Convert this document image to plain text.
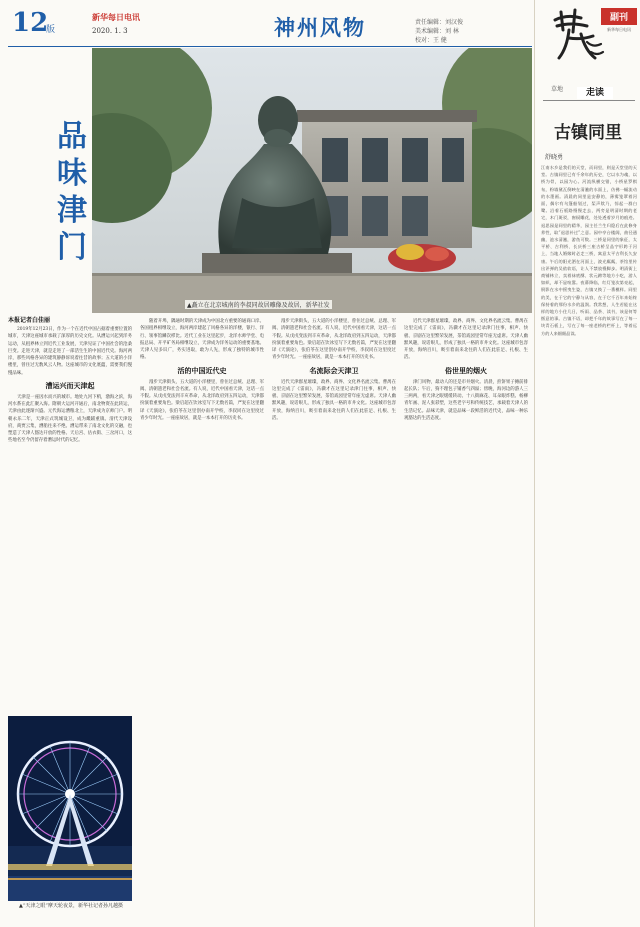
12
版
新华每日电讯
2020. 1. 3	神州风物	责任编辑：刘汉俊
美术编辑：刘 林
校对：王 健
品味津门
▲矗立在北京城南的李叔同故居雕像及故居，新华社发
本报记者白佳丽

2019年12月23日，作为一个在近代中国占据着重要位置的城市，天津这座城市承载了深厚的历史文化。从漕运兴起到洋务运动，从租界林立到近代工业发展，天津见证了中国社会的沧桑巨变。走进天津，就是走进了一部活生生的中国近代史。海河两岸，那些风格各异的建筑静静诉说着往昔的故事；五大道的小洋楼里，曾住过无数风云人物。这座城市的文化底蕴，需要我们慢慢品味。

漕运兴而天津起

天津是一座因水而兴的城市。地处九河下梢，渤海之滨，海河水系在此汇聚入海。隋朝大运河开通后，南北物资在此转运，天津由此逐渐兴盛。元代海运漕粮北上，天津成为京师门户。明朝永乐二年，天津正式筑城设卫，成为畿辅重镇。清代天津设府，商贾云集，漕船往来不绝。漕运带来了南北文化的交融，也塑造了天津人豁达开放的性格。天后宫、估衣街、三岔河口，这些地名至今仍留存着漕运时代的记忆。

随着开埠，隅通时期的天津成为中国北方重要的通商口岸。各国租界相继设立，海河两岸建起了风格各异的洋楼，银行、洋行、领事馆鳞次栉比。近代工业在这里起步，北洋水师学堂、电报总局、开平矿务局相继设立，天津成为洋务运动的重要基地。天津人见多识广，务实进取，敢为人先，形成了独特的城市性格。

活的中国近代史

漫步天津街头，五大道的小洋楼里，曾住过总统、总理、军阀、清朝遗老和社会名流。有人说，近代中国看天津，这话一点不假。从戊戌变法到辛亥革命，从北洋政府到五四运动，天津都扮演着重要角色。梁启超在饮冰室写下无数名篇，严复在这里翻译《天演论》，张伯苓在这里创办南开学校，李叔同在这里度过青少年时光。一座座故居，就是一本本打开的历史书。

漫步天津街头，五大道的小洋楼里，曾住过总统、总理、军阀、清朝遗老和社会名流。有人说，近代中国看天津，这话一点不假。从戊戌变法到辛亥革命，从北洋政府到五四运动，天津都扮演着重要角色。梁启超在饮冰室写下无数名篇，严复在这里翻译《天演论》，张伯苓在这里创办南开学校，李叔同在这里度过青少年时光。一座座故居，就是一本本打开的历史书。

名流际会天津卫

近代天津群星璀璨，政界、商界、文化界名流云集。曹禺在这里完成了《雷雨》，冯骥才在这里记录津门往事，相声、快板、京剧在这里繁荣发展，茶馆戏园里常年座无虚席。天津人幽默风趣，说话哏儿，形成了独具一格的市井文化。这座城市包容开放，海纳百川，吸引着南来北往的人们在此驻足、扎根、生活。

近代天津群星璀璨，政界、商界、文化界名流云集。曹禺在这里完成了《雷雨》，冯骥才在这里记录津门往事，相声、快板、京剧在这里繁荣发展，茶馆戏园里常年座无虚席。天津人幽默风趣，说话哏儿，形成了独具一格的市井文化。这座城市包容开放，海纳百川，吸引着南来北往的人们在此驻足、扎根、生活。

俗世里的烟火

津门风物，最动人的还是市井烟火。清晨，煎饼果子摊前排起长队；午后，狗不理包子铺香气四溢；傍晚，海河边的游人三三两两，看天津之眼缓缓转动。十八街麻花、耳朵眼炸糕、杨柳青年画、泥人张彩塑，这些老字号和传统技艺，承载着天津人的生活记忆。品味天津，就是品味一段鲜活的近代史，品味一种乐观豁达的生活态度。

▲“天津之眼”摩天轮夜景，新华社记者孙凡越摄
副刊
新华每日电讯
草地	走读
古镇同里
舒晓勇
江南水乡是我们的天堂，而同里，则是天堂里的天堂。古镇同里已有千余年的历史，它以水为魂，以桥为骨，以园为心。河流纵横交错，小桥星罗棋布，粉墙黛瓦倒映在清澈的水面上，仿佛一幅流动的水墨画。清晨的同里是安静的，薄雾笼罩着河面，偶尔有乌篷船划过，桨声欸乃，惊起一群白鹭。沿着石板路慢慢走去，两旁是明清时期的老宅，木门斑驳，窗棂雕花，处处透着岁月的痕迹。退思园是同里的精华，园主任兰生归隐后在此修身养性，取“退思补过”之意。园中亭台楼阁，曲径通幽，池水清澈，游鱼可数。三桥是同里的象征，太平桥、吉利桥、长庆桥三座古桥呈品字形跨于河上，当地人婚嫁时必走三桥，寓意太平吉利长久安康。午后的阳光洒在河面上，波光粼粼，茶馆里传出评弹的吴侬软语，让人不禁放慢脚步。明清街上商铺林立，卖着袜底酥、状元蹄等地方小吃，游人如织，却不显喧嚣。夜幕降临，红灯笼次第亮起，倒影在水中摇曳生姿，古镇又换了一番模样。同里的美，在于它的宁静与从容，在于它千百年来始终保持着的那份水乡的温润。我常想，人生若能在这样的地方小住几日，听雨、品茶、读书，该是何等惬意的事。古镇不语，却把千年的故事写在了每一块青石板上，写在了每一座老桥的栏杆上，等着远方的人来细细品读。
